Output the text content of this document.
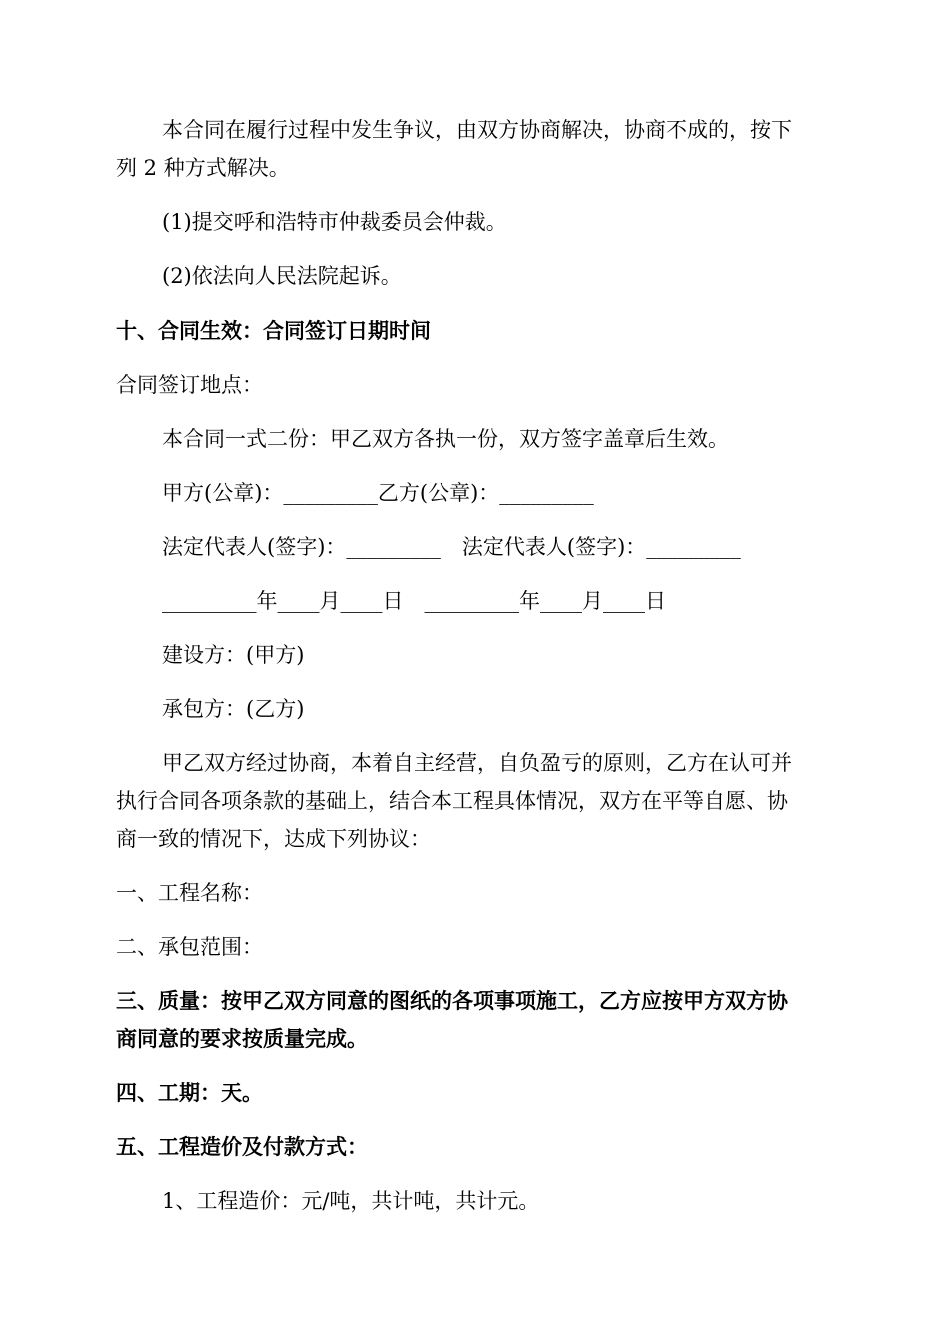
本合同在履行过程中发生争议，由双方协商解决，协商不成的，按下
列 2 种方式解决。
(1)提交呼和浩特市仲裁委员会仲裁。
(2)依法向人民法院起诉。
十、合同生效：合同签订日期时间
合同签订地点：
本合同一式二份：甲乙双方各执一份，双方签字盖章后生效。
甲方(公章)：_________乙方(公章)：_________
法定代表人(签字)：_________　法定代表人(签字)：_________
_________年____月____日　_________年____月____日
建设方：(甲方)
承包方：(乙方)
甲乙双方经过协商，本着自主经营，自负盈亏的原则，乙方在认可并
执行合同各项条款的基础上，结合本工程具体情况，双方在平等自愿、协
商一致的情况下，达成下列协议：
一、工程名称：
二、承包范围：
三、质量：按甲乙双方同意的图纸的各项事项施工，乙方应按甲方双方协
商同意的要求按质量完成。
四、工期：天。
五、工程造价及付款方式：
1、工程造价：元/吨，共计吨，共计元。
